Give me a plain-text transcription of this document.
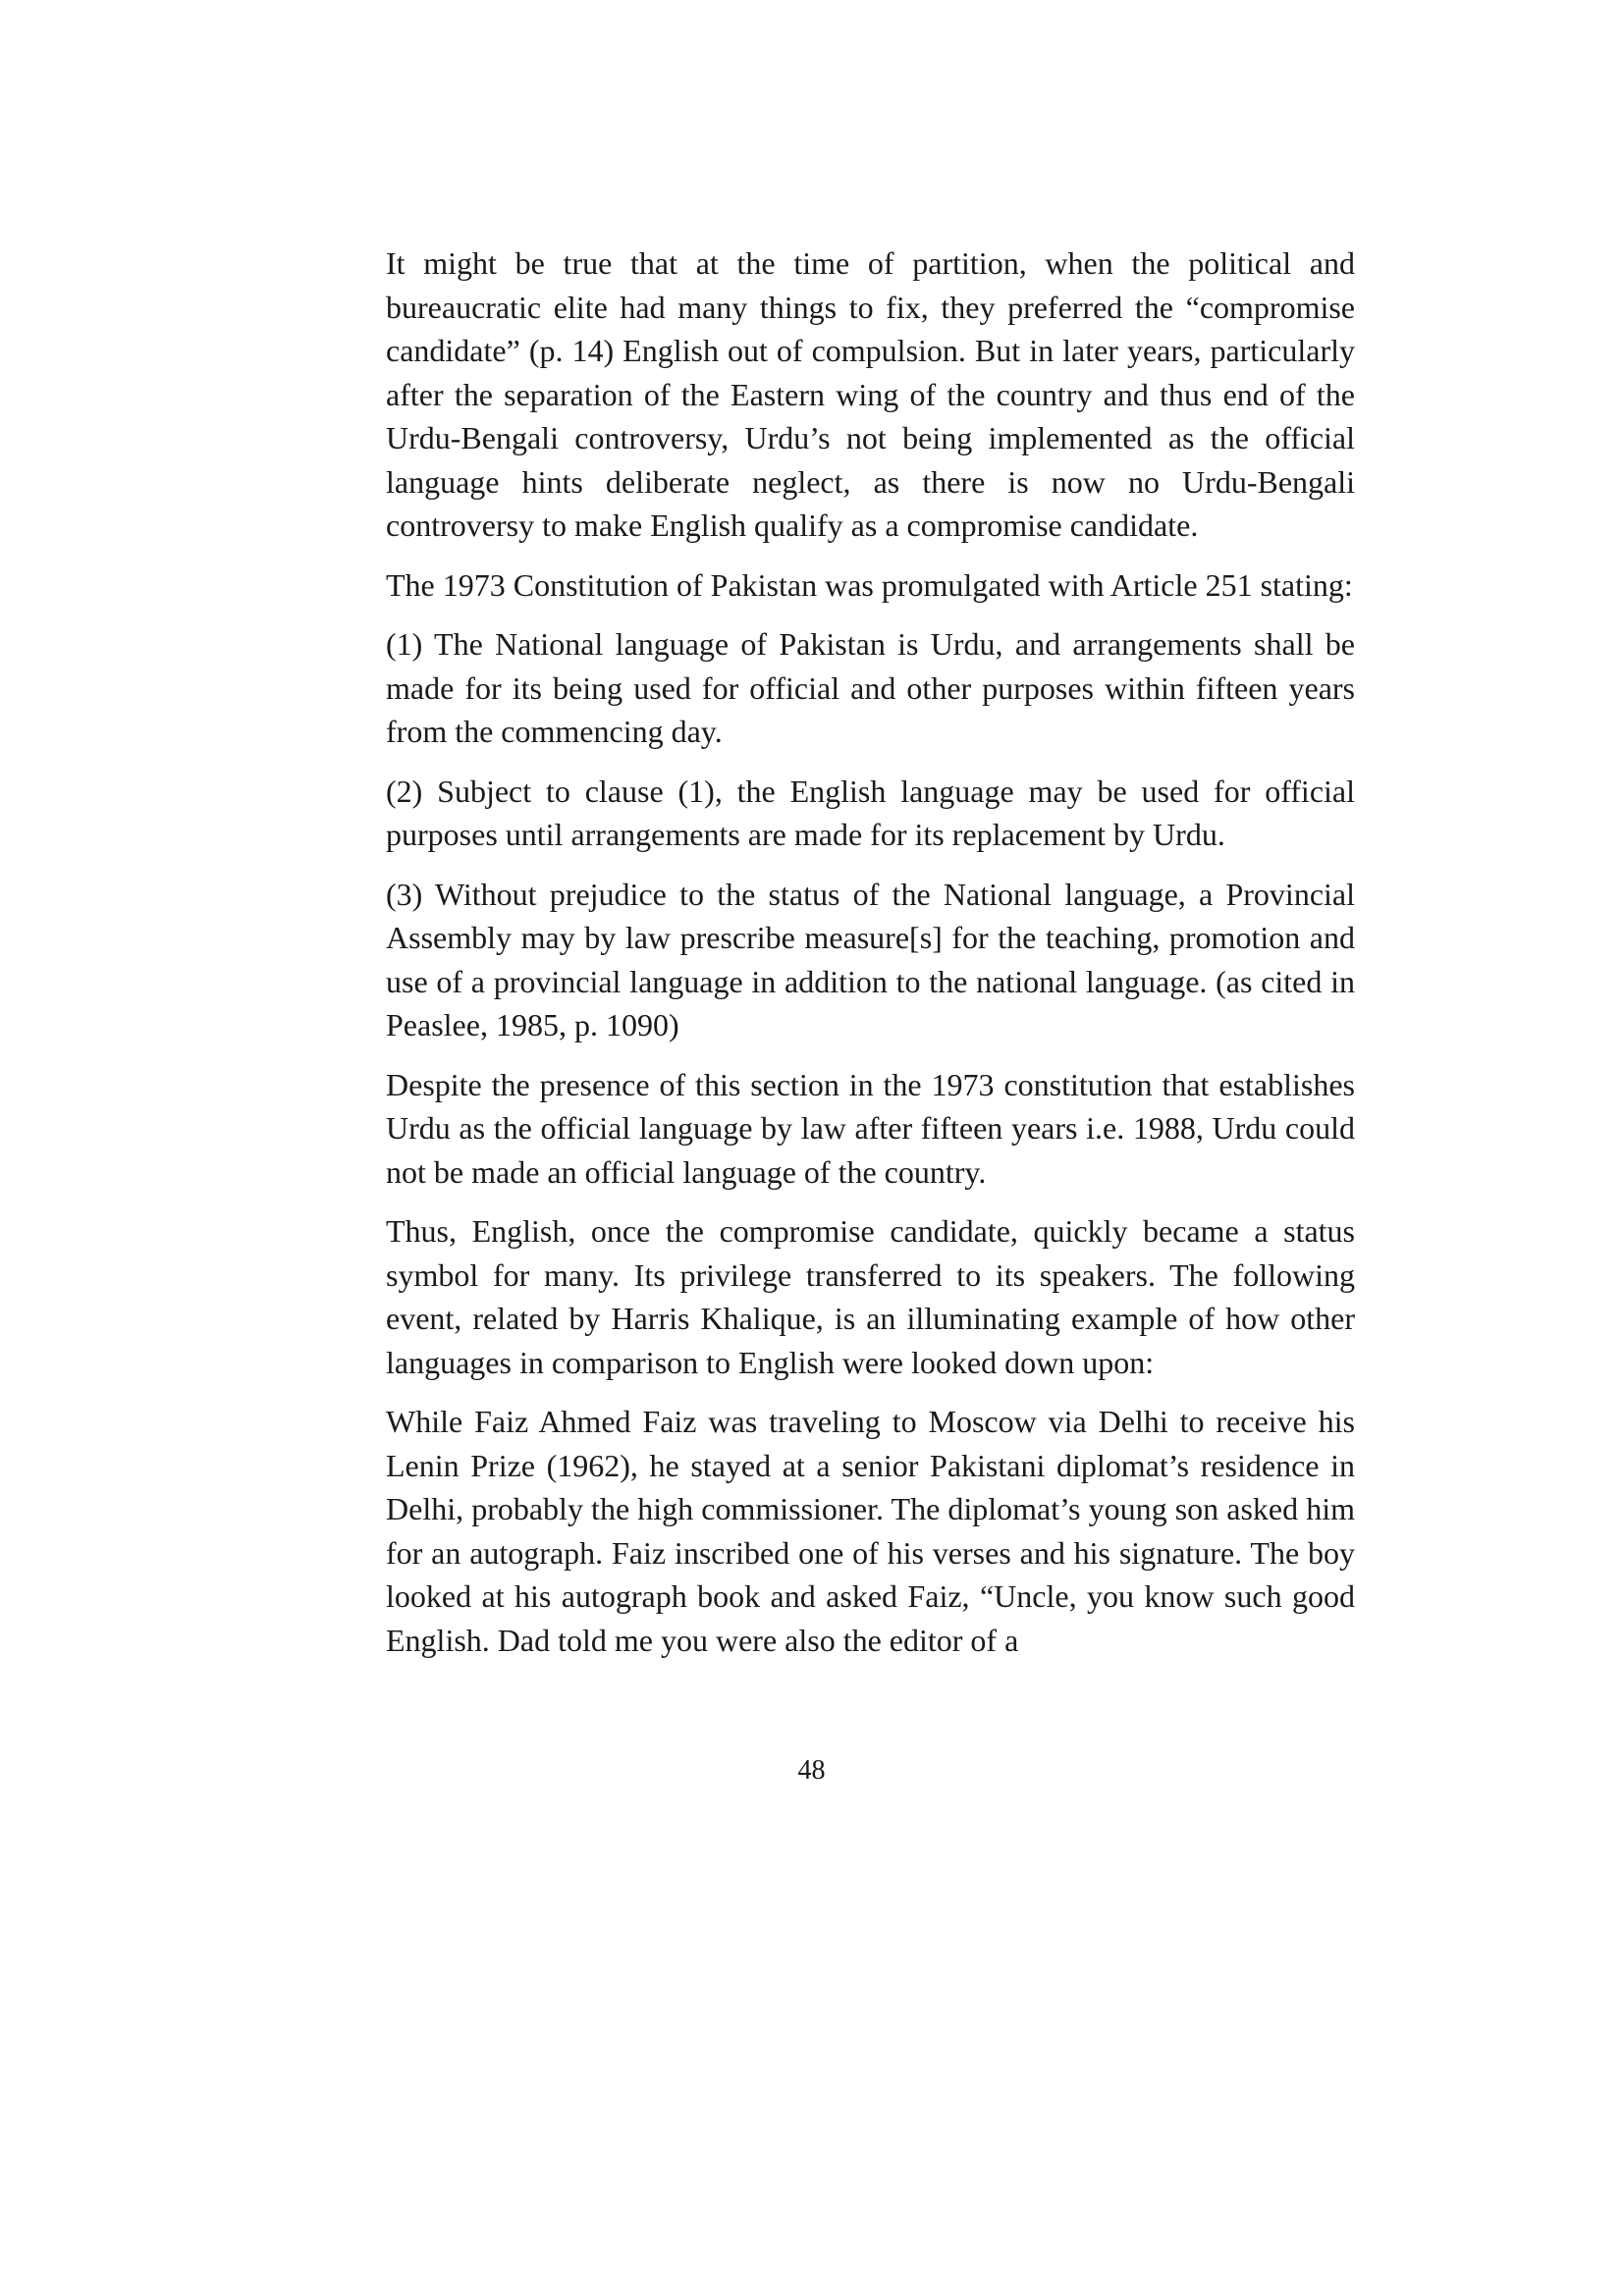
It might be true that at the time of partition, when the political and bureaucratic elite had many things to fix, they preferred the “compromise candidate” (p. 14) English out of compulsion. But in later years, particularly after the separation of the Eastern wing of the country and thus end of the Urdu-Bengali controversy, Urdu’s not being implemented as the official language hints deliberate neglect, as there is now no Urdu-Bengali controversy to make English qualify as a compromise candidate.

The 1973 Constitution of Pakistan was promulgated with Article 251 stating:

(1) The National language of Pakistan is Urdu, and arrangements shall be made for its being used for official and other purposes within fifteen years from the commencing day.

(2) Subject to clause (1), the English language may be used for official purposes until arrangements are made for its replacement by Urdu.

(3) Without prejudice to the status of the National language, a Provincial Assembly may by law prescribe measure[s] for the teaching, promotion and use of a provincial language in addition to the national language. (as cited in Peaslee, 1985, p. 1090)

Despite the presence of this section in the 1973 constitution that establishes Urdu as the official language by law after fifteen years i.e. 1988, Urdu could not be made an official language of the country.

Thus, English, once the compromise candidate, quickly became a status symbol for many. Its privilege transferred to its speakers. The following event, related by Harris Khalique, is an illuminating example of how other languages in comparison to English were looked down upon:

While Faiz Ahmed Faiz was traveling to Moscow via Delhi to receive his Lenin Prize (1962), he stayed at a senior Pakistani diplomat’s residence in Delhi, probably the high commissioner. The diplomat’s young son asked him for an autograph. Faiz inscribed one of his verses and his signature. The boy looked at his autograph book and asked Faiz, “Uncle, you know such good English. Dad told me you were also the editor of a

48
